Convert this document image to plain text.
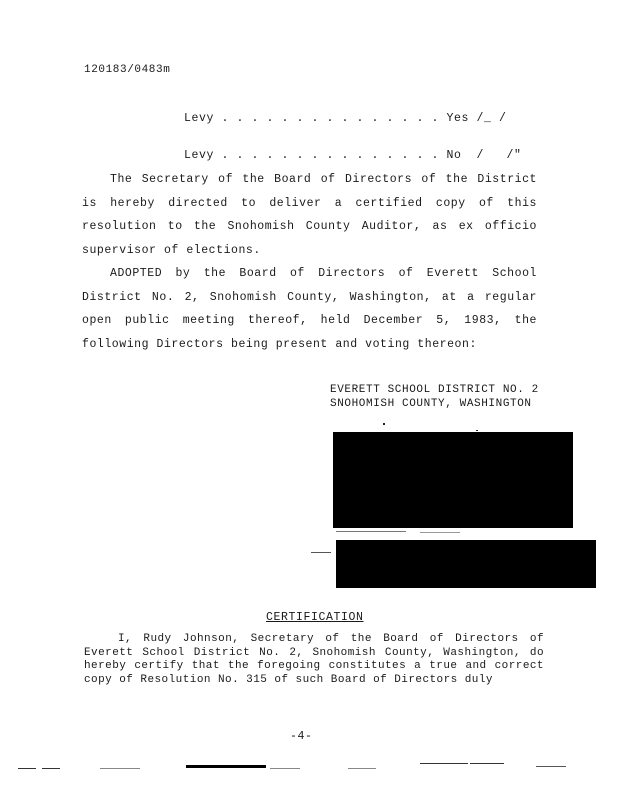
120183/0483m
Levy . . . . . . . . . . . . . . . Yes /_ /
Levy . . . . . . . . . . . . . . . No  /   /"
The Secretary of the Board of Directors of the District is hereby directed to deliver a certified copy of this resolution to the Snohomish County Auditor, as ex officio supervisor of elections.
ADOPTED by the Board of Directors of Everett School District No. 2, Snohomish County, Washington, at a regular open public meeting thereof, held December 5, 1983, the following Directors being present and voting thereon:
EVERETT SCHOOL DISTRICT NO. 2
SNOHOMISH COUNTY, WASHINGTON
CERTIFICATION
I, Rudy Johnson, Secretary of the Board of Directors of Everett School District No. 2, Snohomish County, Washington, do hereby certify that the foregoing constitutes a true and correct copy of Resolution No. 315 of such Board of Directors duly
-4-
